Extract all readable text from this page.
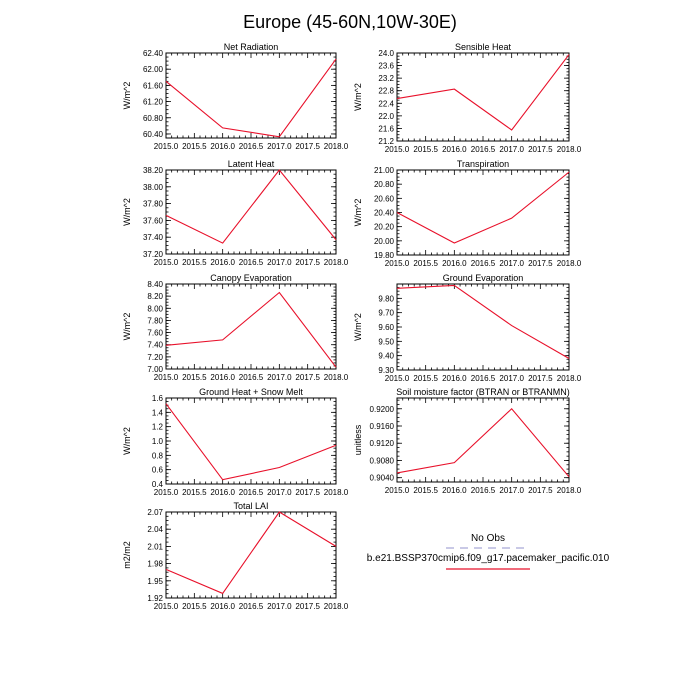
Europe (45-60N,10W-30E)
Net Radiation
W/m^2
2015.0 2015.5 2016.0 2016.5 2017.0 2017.5 2018.0
60.40
60.80
61.20
61.60
62.00
62.40
Sensible Heat
W/m^2
2015.0 2015.5 2016.0 2016.5 2017.0 2017.5 2018.0
21.2
21.6
22.0
22.4
22.8
23.2
23.6
24.0
Latent Heat
W/m^2
2015.0 2015.5 2016.0 2016.5 2017.0 2017.5 2018.0
37.20
37.40
37.60
37.80
38.00
38.20
Transpiration
W/m^2
2015.0 2015.5 2016.0 2016.5 2017.0 2017.5 2018.0
19.80
20.00
20.20
20.40
20.60
20.80
21.00
Canopy Evaporation
W/m^2
2015.0 2015.5 2016.0 2016.5 2017.0 2017.5 2018.0
7.00
7.20
7.40
7.60
7.80
8.00
8.20
8.40
Ground Evaporation
W/m^2
2015.0 2015.5 2016.0 2016.5 2017.0 2017.5 2018.0
9.30
9.40
9.50
9.60
9.70
9.80
Ground Heat + Snow Melt
W/m^2
2015.0 2015.5 2016.0 2016.5 2017.0 2017.5 2018.0
0.4
0.6
0.8
1.0
1.2
1.4
1.6
Soil moisture factor (BTRAN or BTRANMN)
unitless
2015.0 2015.5 2016.0 2016.5 2017.0 2017.5 2018.0
0.9040
0.9080
0.9120
0.9160
0.9200
Total LAI
m2/m2
2015.0 2015.5 2016.0 2016.5 2017.0 2017.5 2018.0
1.92
1.95
1.98
2.01
2.04
2.07
No Obs
b.e21.BSSP370cmip6.f09_g17.pacemaker_pacific.010
